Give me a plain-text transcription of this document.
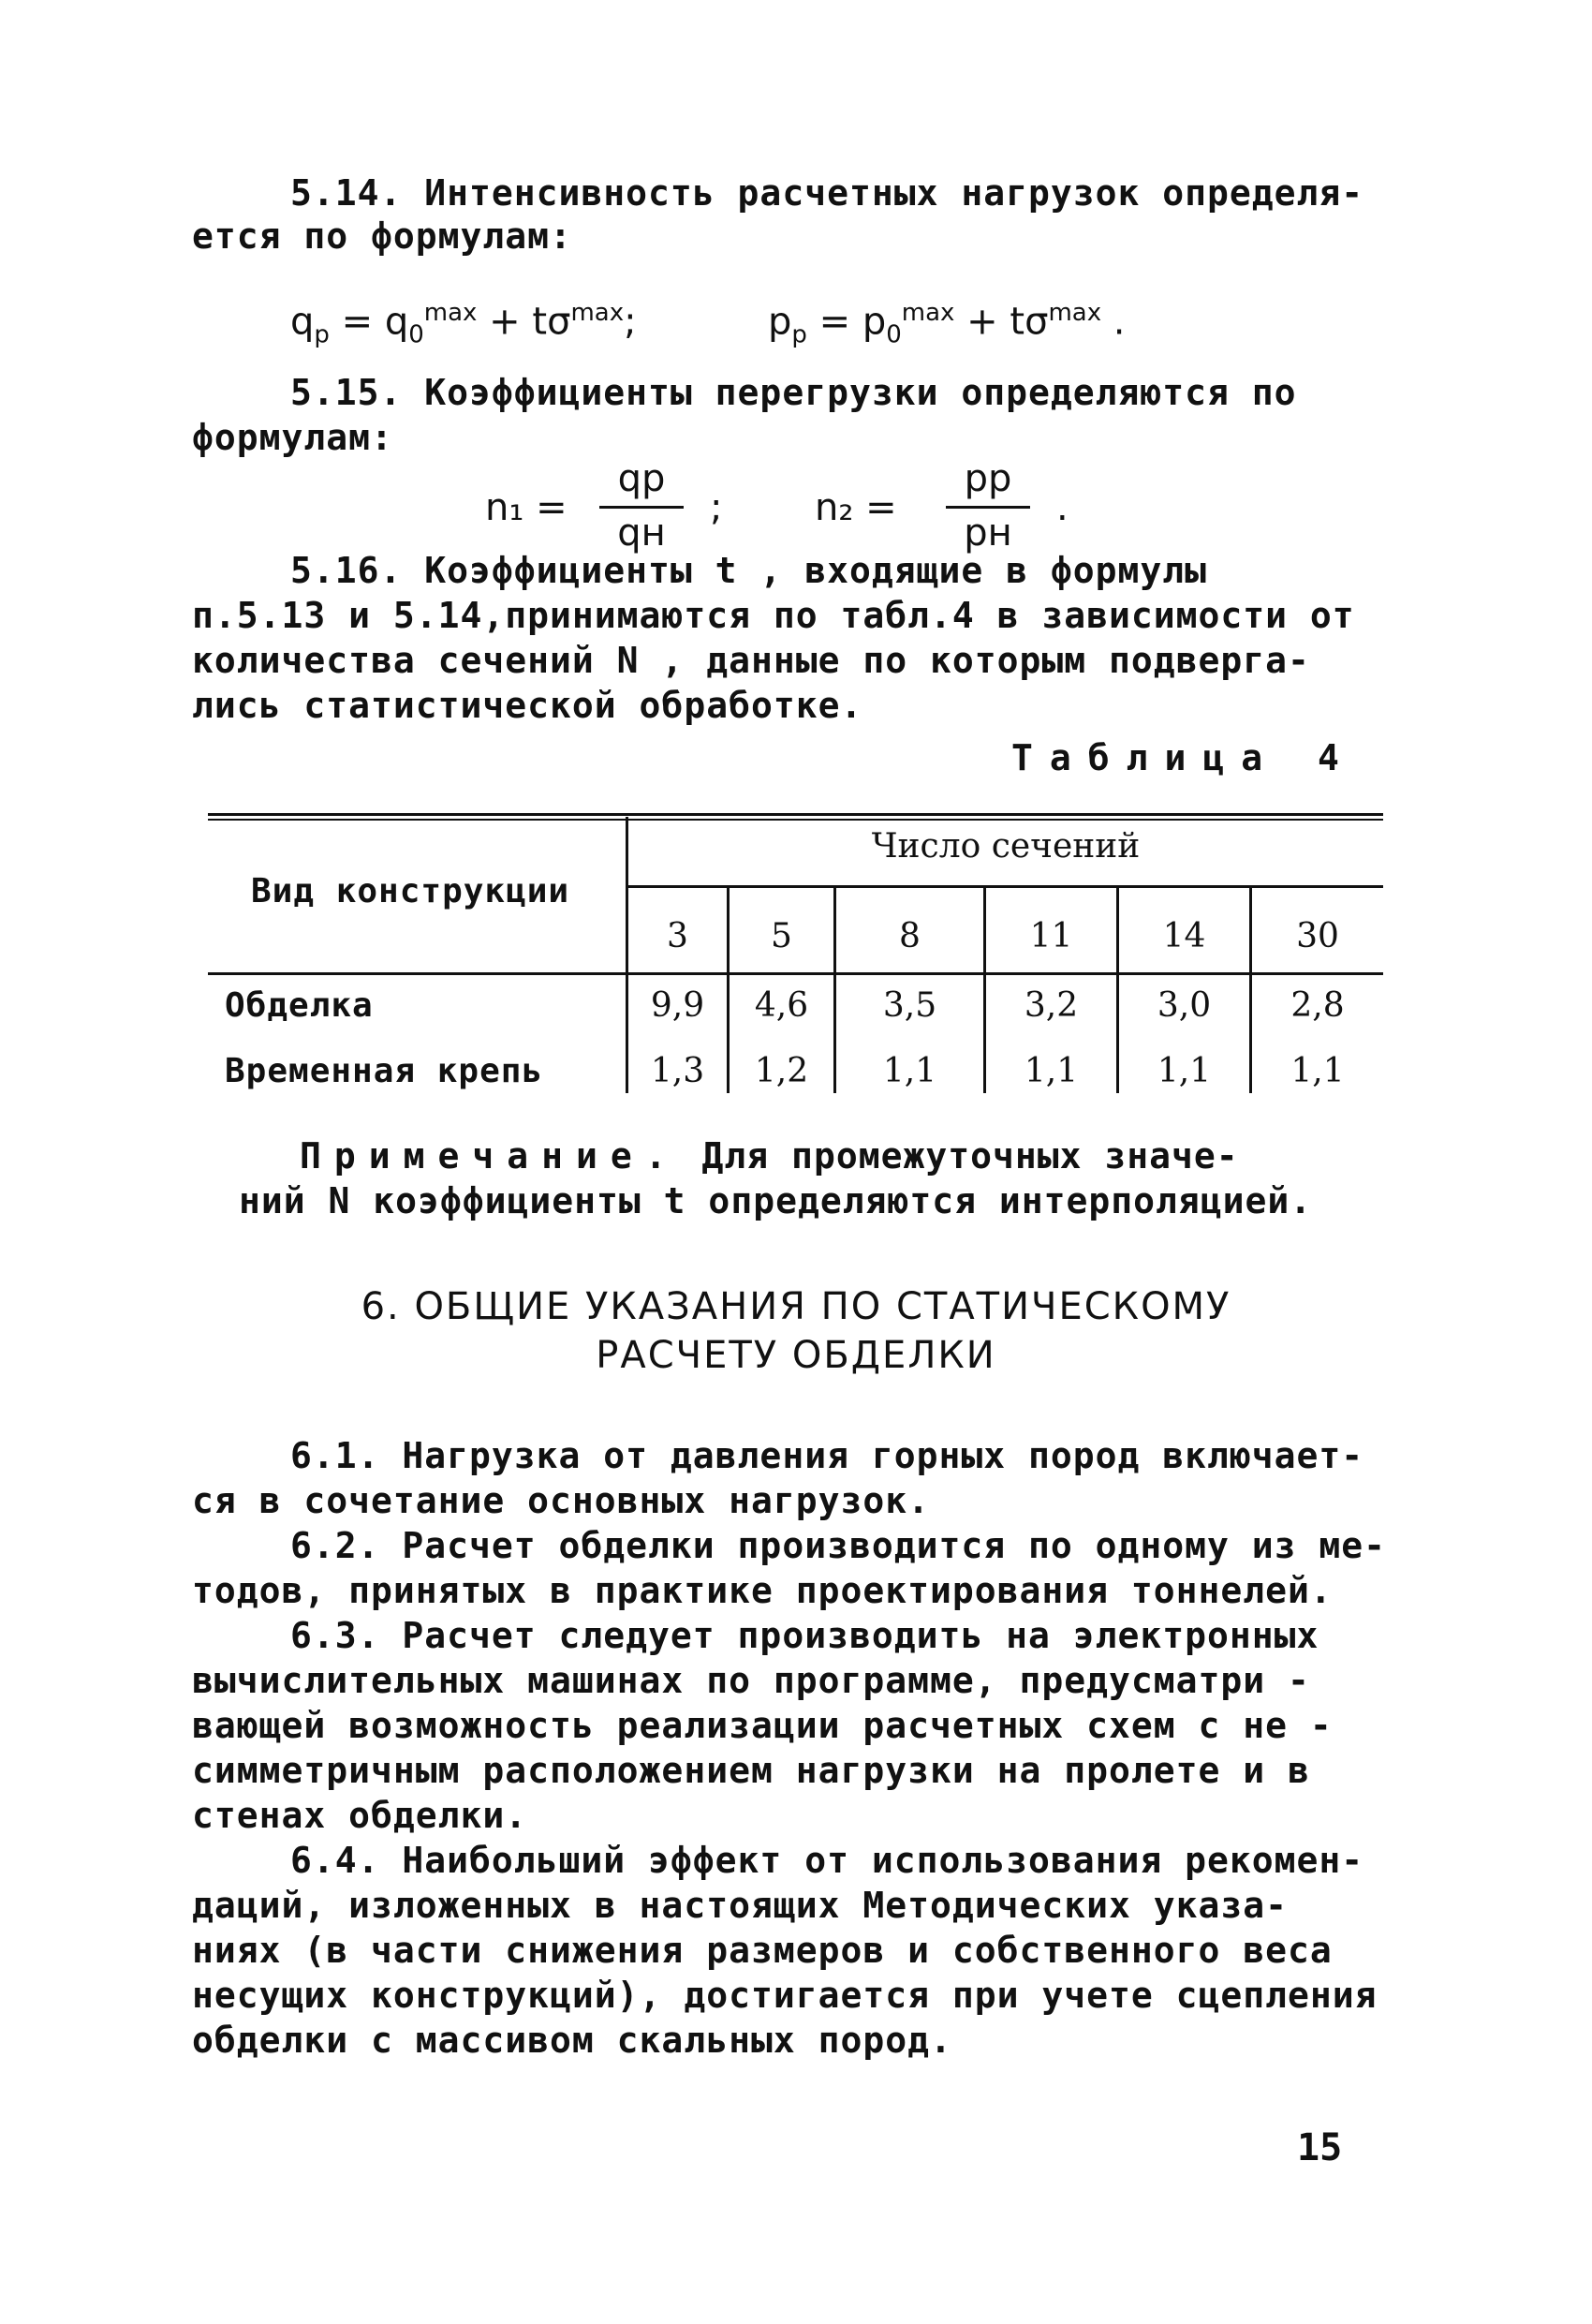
5.14. Интенсивность расчетных нагрузок определя-
ется по формулам:
$q_р = q_0^{max} + t\sigma^{max}$;	$p_р = p_0^{max} + t\sigma^{max}$ .
5.15. Коэффициенты перегрузки определяются по
формулам:
n₁ =
qр
qн
; n₂ =
pр
pн
.
5.16. Коэффициенты t , входящие в формулы
п.5.13 и 5.14,принимаются по табл.4 в зависимости от
количества сечений N , данные по которым подверга-
лись статистической обработке.
Таблица 4
Вид конструкции
Число сечений
3	5	8	11	14	30
Обделка	9,9	4,6	3,5	3,2	3,0	2,8
Временная крепь	1,3	1,2	1,1	1,1	1,1	1,1
Примечание. Для промежуточных значе-
ний N коэффициенты t определяются интерполяцией.
6. ОБЩИЕ УКАЗАНИЯ ПО СТАТИЧЕСКОМУ
РАСЧЕТУ ОБДЕЛКИ
6.1. Нагрузка от давления горных пород включает-
ся в сочетание основных нагрузок.
6.2. Расчет обделки производится по одному из ме-
тодов, принятых в практике проектирования тоннелей.
6.3. Расчет следует производить на электронных
вычислительных машинах по программе, предусматри -
вающей возможность реализации расчетных схем с не -
симметричным расположением нагрузки на пролете и в
стенах обделки.
6.4. Наибольший эффект от использования рекомен-
даций, изложенных в настоящих Методических указа-
ниях (в части снижения размеров и собственного веса
несущих конструкций), достигается при учете сцепления
обделки с массивом скальных пород.
15
